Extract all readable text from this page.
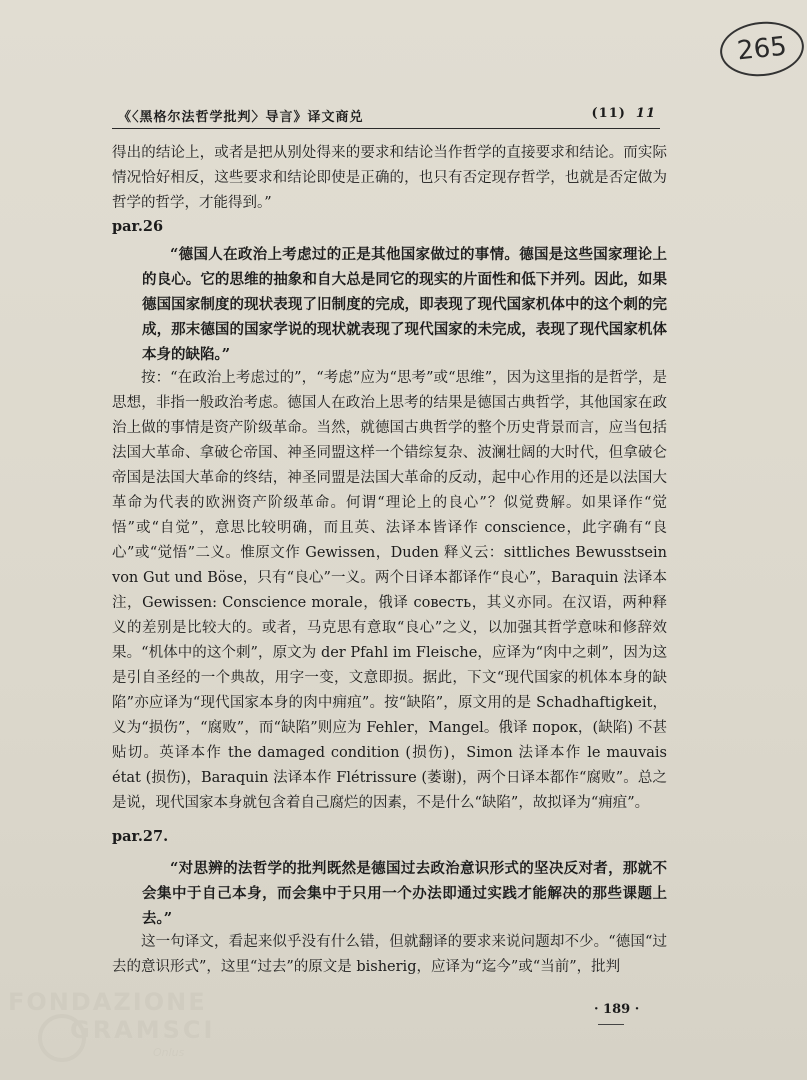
265
《〈黑格尔法哲学批判〉导言》译文商兑	(11) 11

得出的结论上，或者是把从别处得来的要求和结论当作哲学的直接要求和结论。而实际情况恰好相反，这些要求和结论即使是正确的，也只有否定现存哲学，也就是否定做为哲学的哲学，才能得到。”

par.26

“德国人在政治上考虑过的正是其他国家做过的事情。德国是这些国家理论上的良心。它的思维的抽象和自大总是同它的现实的片面性和低下并列。因此，如果德国国家制度的现状表现了旧制度的完成，即表现了现代国家机体中的这个刺的完成，那末德国的国家学说的现状就表现了现代国家的未完成，表现了现代国家机体本身的缺陷。”

按：“在政治上考虑过的”，“考虑”应为“思考”或“思维”，因为这里指的是哲学，是思想，非指一般政治考虑。德国人在政治上思考的结果是德国古典哲学，其他国家在政治上做的事情是资产阶级革命。当然，就德国古典哲学的整个历史背景而言，应当包括法国大革命、拿破仑帝国、神圣同盟这样一个错综复杂、波澜壮阔的大时代，但拿破仑帝国是法国大革命的终结，神圣同盟是法国大革命的反动，起中心作用的还是以法国大革命为代表的欧洲资产阶级革命。何谓“理论上的良心”？似觉费解。如果译作“觉悟”或“自觉”，意思比较明确，而且英、法译本皆译作 conscience，此字确有“良心”或“觉悟”二义。惟原文作 Gewissen，Duden 释义云：sittliches Bewusstsein von Gut und Böse，只有“良心”一义。两个日译本都译作“良心”，Baraquin 法译本注，Gewissen: Conscience morale，俄译 совесть，其义亦同。在汉语，两种释义的差别是比较大的。或者，马克思有意取“良心”之义，以加强其哲学意味和修辞效果。“机体中的这个刺”，原文为 der Pfahl im Fleische，应译为“肉中之刺”，因为这是引自圣经的一个典故，用字一变，文意即损。据此，下文“现代国家的机体本身的缺陷”亦应译为“现代国家本身的肉中痈疽”。按“缺陷”，原文用的是 Schadhaftigkeit，义为“损伤”，“腐败”，而“缺陷”则应为 Fehler，Mangel。俄译 порок，(缺陷) 不甚贴切。英译本作 the damaged condition (损伤)，Simon 法译本作 le mauvais état (损伤)，Baraquin 法译本作 Flétrissure (萎谢)，两个日译本都作“腐败”。总之是说，现代国家本身就包含着自己腐烂的因素，不是什么“缺陷”，故拟译为“痈疽”。

par.27.

“对思辨的法哲学的批判既然是德国过去政治意识形式的坚决反对者，那就不会集中于自己本身，而会集中于只用一个办法即通过实践才能解决的那些课题上去。”

这一句译文，看起来似乎没有什么错，但就翻译的要求来说问题却不少。“德国“过去的意识形式”，这里“过去”的原文是 bisherig，应译为“迄今”或“当前”，批判

· 189 ·
FONDAZIONE
GRAMSCI
Onlus
